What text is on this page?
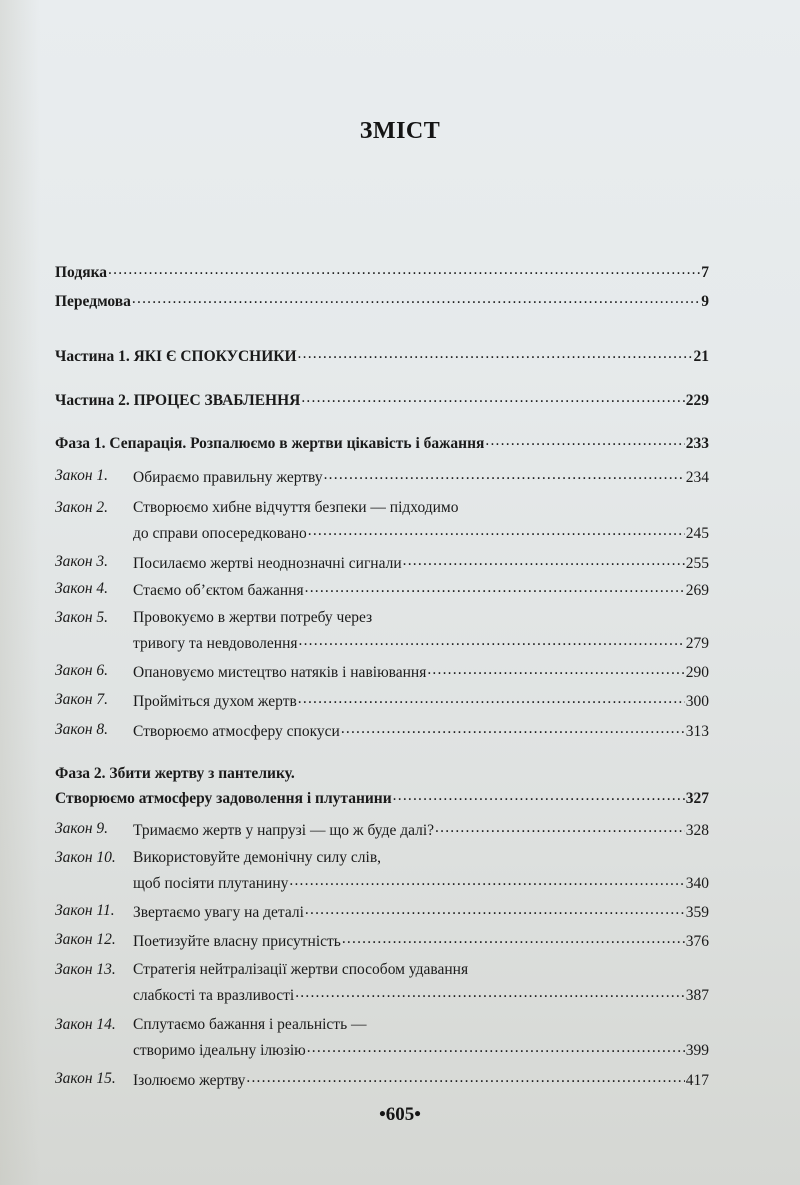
ЗМІСТ
Подяка .....	7
Передмова .....	9
Частина 1. ЯКІ Є СПОКУСНИКИ .....	21
Частина 2. ПРОЦЕС ЗВАБЛЕННЯ .....	229
Фаза 1. Сепарація. Розпалюємо в жертви цікавість і бажання .....	233
Закон 1.	Обираємо правильну жертву .....	234
Закон 2.	Створюємо хибне відчуття безпеки — підходимо
до справи опосередковано .....	245
Закон 3.	Посилаємо жертві неоднозначні сигнали .....	255
Закон 4.	Стаємо об’єктом бажання .....	269
Закон 5.	Провокуємо в жертви потребу через
тривогу та невдоволення .....	279
Закон 6.	Опановуємо мистецтво натяків і навіювання .....	290
Закон 7.	Пройміться духом жертв .....	300
Закон 8.	Створюємо атмосферу спокуси .....	313
Фаза 2. Збити жертву з пантелику.
Створюємо атмосферу задоволення і плутанини .....	327
Закон 9.	Тримаємо жертв у напрузі — що ж буде далі? .....	328
Закон 10.	Використовуйте демонічну силу слів,
щоб посіяти плутанину .....	340
Закон 11.	Звертаємо увагу на деталі .....	359
Закон 12.	Поетизуйте власну присутність .....	376
Закон 13.	Стратегія нейтралізації жертви способом удавання
слабкості та вразливості .....	387
Закон 14.	Сплутаємо бажання і реальність —
створимо ідеальну ілюзію .....	399
Закон 15.	Ізолюємо жертву .....	417
•605•
